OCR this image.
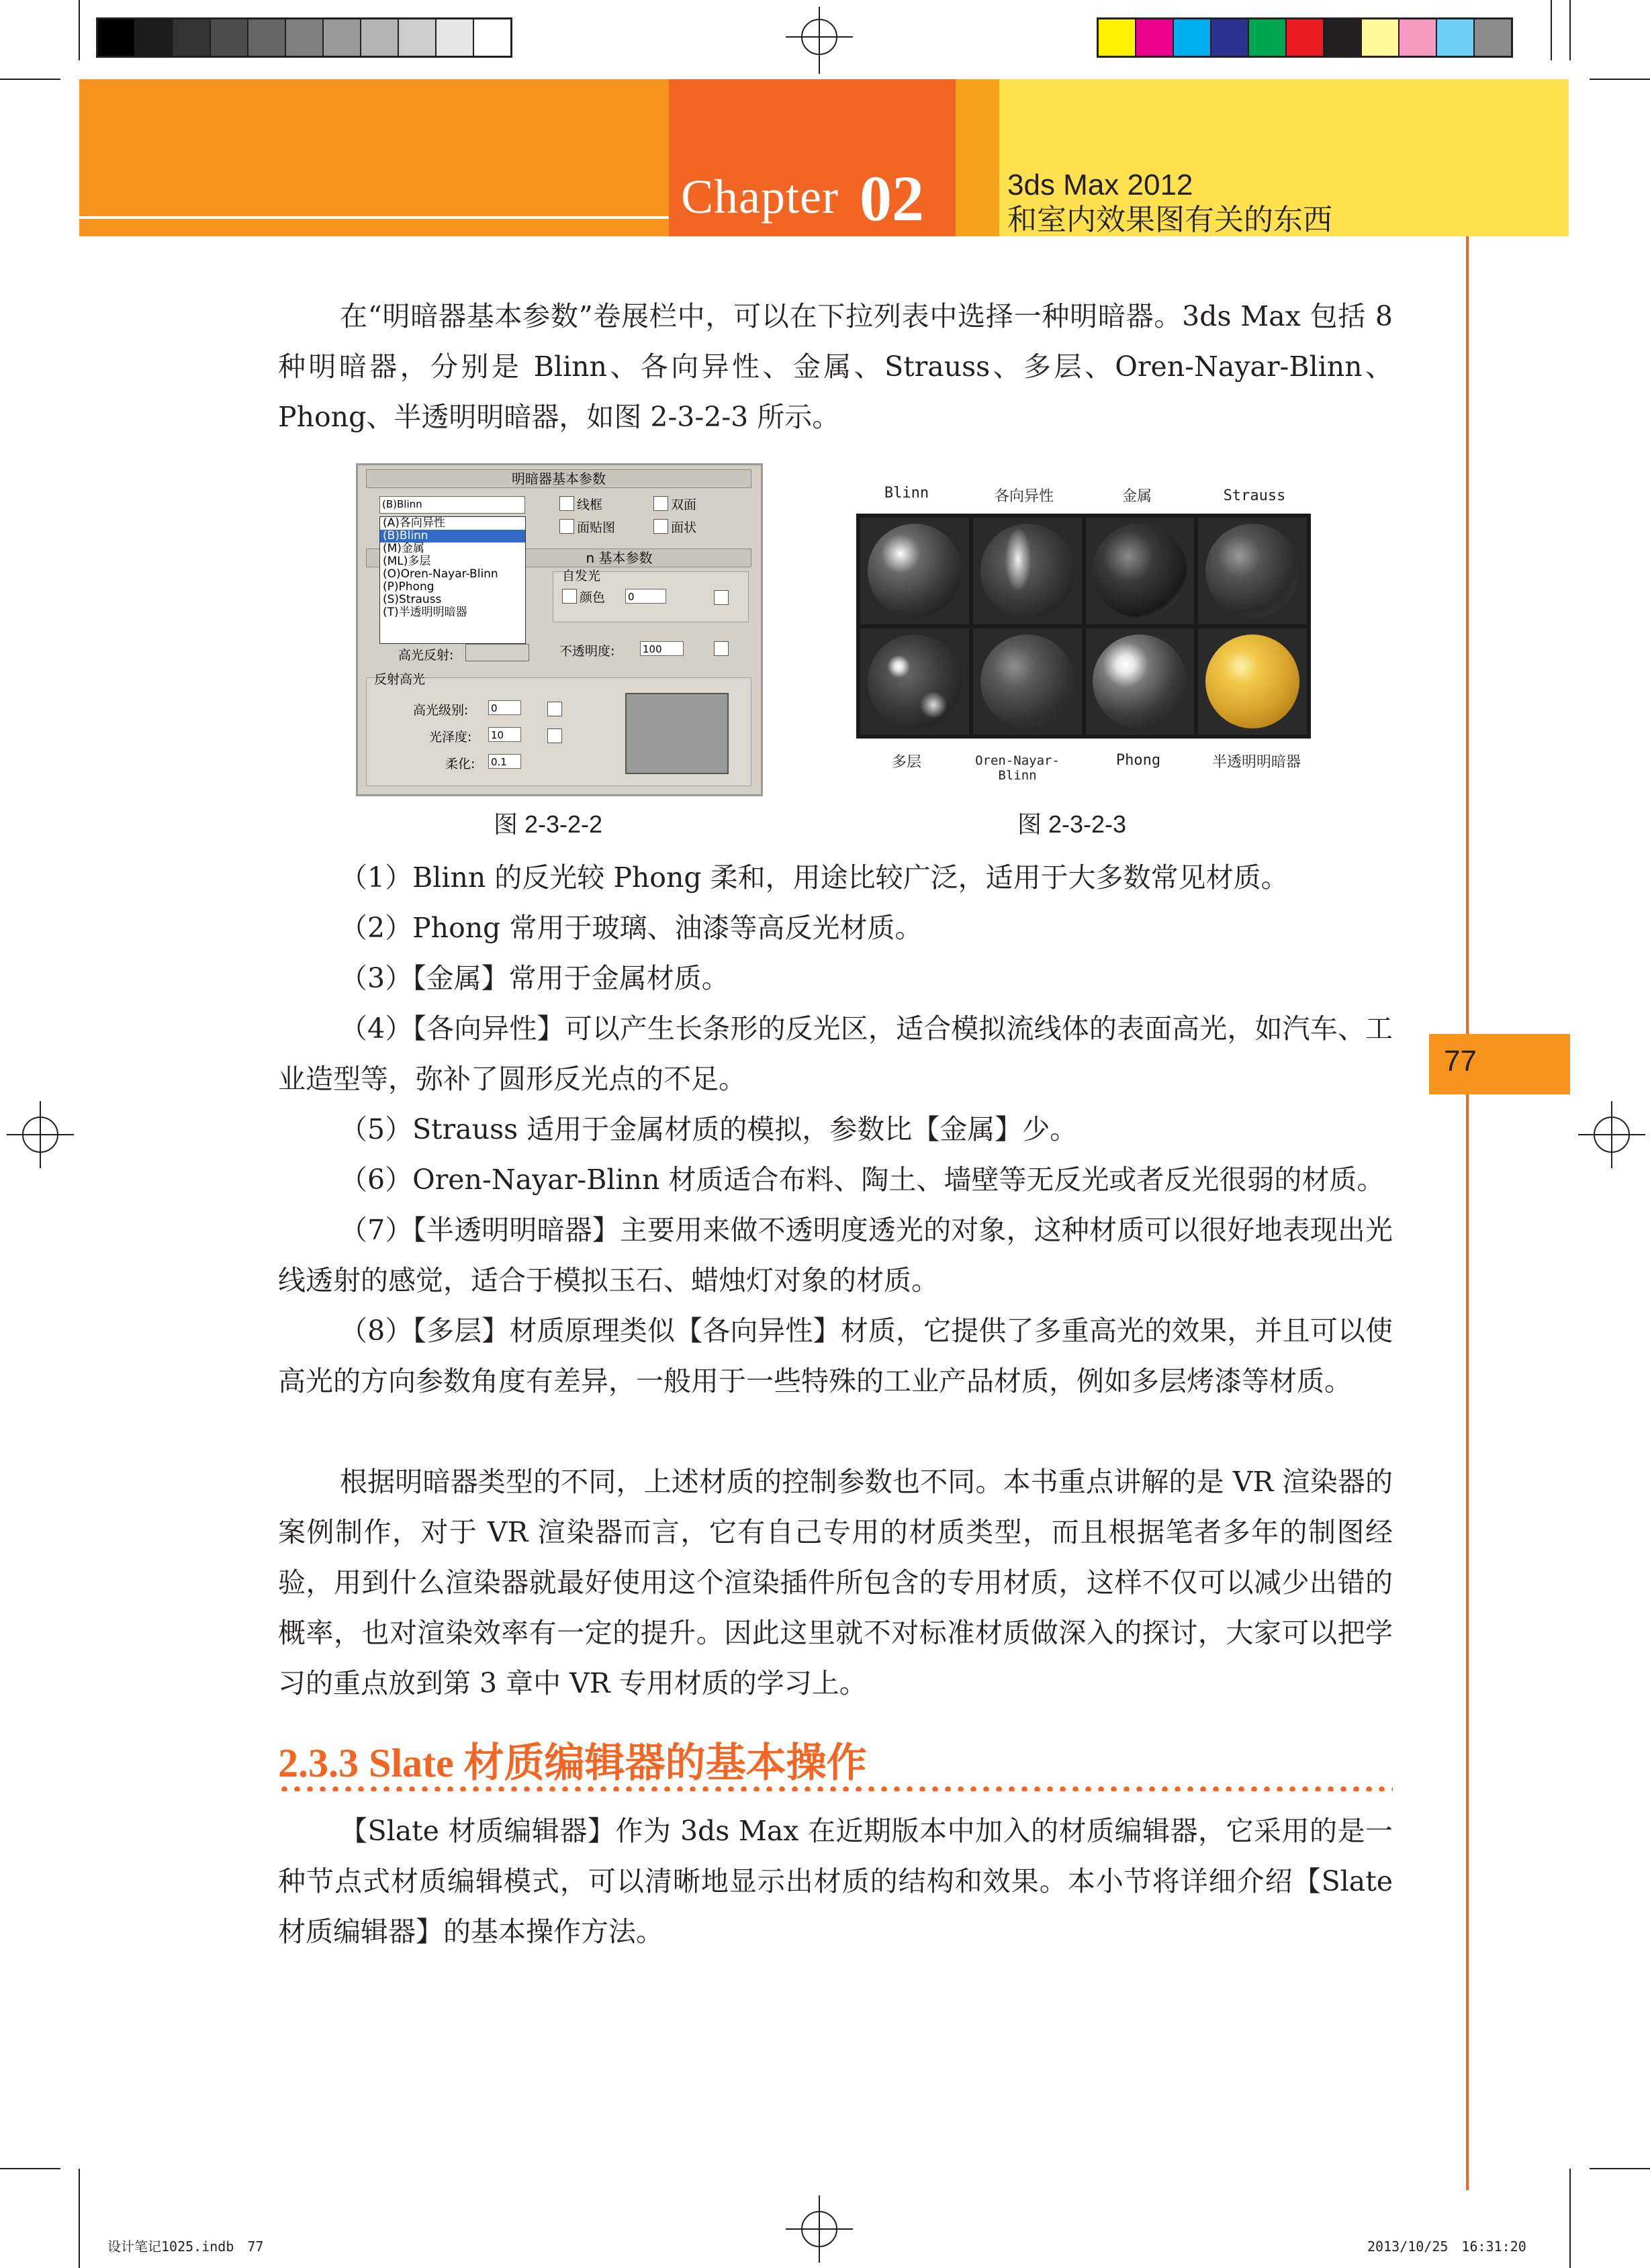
Chapter 02	3ds Max 2012
和室内效果图有关的东西
77
在“明暗器基本参数”卷展栏中，可以在下拉列表中选择一种明暗器。3ds Max 包括 8 种明暗器，分别是 Blinn、各向异性、金属、Strauss、多层、Oren-Nayar-Blinn、Phong、半透明明暗器，如图 2-3-2-3 所示。
明暗器基本参数
(B)Blinn	线框	双面
面贴图	面状
n 基本参数
自发光
颜色 0
高光反射:	不透明度:	100
反射高光
高光级别: 0
光泽度: 10
柔化: 0.1
(A)各向异性
(B)Blinn
(M)金属
(ML)多层
(O)Oren-Nayar-Blinn
(P)Phong
(S)Strauss
(T)半透明明暗器
图 2-3-2-2
Blinn	各向异性	金属	Strauss
多层	Oren-Nayar-Blinn
Phong	半透明明暗器
图 2-3-2-3
（1）Blinn 的反光较 Phong 柔和，用途比较广泛，适用于大多数常见材质。
（2）Phong 常用于玻璃、油漆等高反光材质。
（3）【金属】常用于金属材质。
（4）【各向异性】可以产生长条形的反光区，适合模拟流线体的表面高光，如汽车、工业造型等，弥补了圆形反光点的不足。
（5）Strauss 适用于金属材质的模拟，参数比【金属】少。
（6）Oren-Nayar-Blinn 材质适合布料、陶土、墙壁等无反光或者反光很弱的材质。
（7）【半透明明暗器】主要用来做不透明度透光的对象，这种材质可以很好地表现出光线透射的感觉，适合于模拟玉石、蜡烛灯对象的材质。
（8）【多层】材质原理类似【各向异性】材质，它提供了多重高光的效果，并且可以使高光的方向参数角度有差异，一般用于一些特殊的工业产品材质，例如多层烤漆等材质。
根据明暗器类型的不同，上述材质的控制参数也不同。本书重点讲解的是 VR 渲染器的案例制作，对于 VR 渲染器而言，它有自己专用的材质类型，而且根据笔者多年的制图经验，用到什么渲染器就最好使用这个渲染插件所包含的专用材质，这样不仅可以减少出错的概率，也对渲染效率有一定的提升。因此这里就不对标准材质做深入的探讨，大家可以把学习的重点放到第 3 章中 VR 专用材质的学习上。
2.3.3 Slate 材质编辑器的基本操作
【Slate 材质编辑器】作为 3ds Max 在近期版本中加入的材质编辑器，它采用的是一种节点式材质编辑模式，可以清晰地显示出材质的结构和效果。本小节将详细介绍【Slate 材质编辑器】的基本操作方法。
设计笔记1025.indb　77	2013/10/25　16:31:20
